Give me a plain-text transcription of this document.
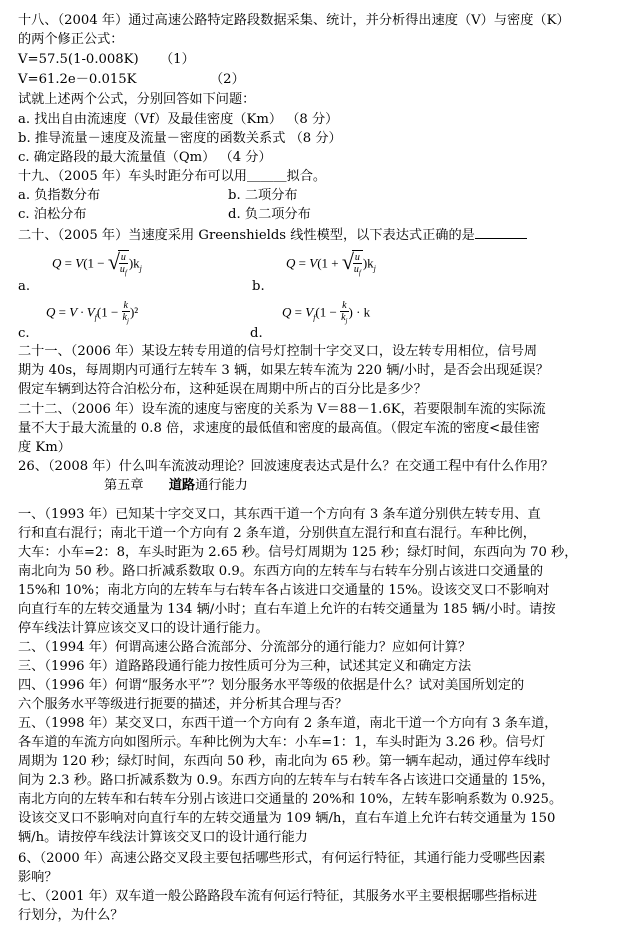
十八、（2004 年）通过高速公路特定路段数据采集、统计，并分析得出速度（V）与密度（K）
的两个修正公式：
V=57.5(1-0.008K) （1）
V=61.2e－0.015K	（2）
试就上述两个公式，分别回答如下问题：
a. 找出自由流速度（Vf）及最佳密度（Km） （8 分）
b. 推导流量－速度及流量－密度的函数关系式 （8 分）
c. 确定路段的最大流量值（Qm） （4 分）
十九、（2005 年）车头时距分布可以用＿＿＿拟合。
a. 负指数分布	b. 二项分布
c. 泊松分布	d. 负二项分布
二十、（2005 年）当速度采用 Greenshields 线性模型，以下表达式正确的是
Q = V(1 − √
$\frac{u}{u_f} )k_j$
a.
Q = V(1 + √
$\frac{u}{u_f} )k_j$
b.
$Q = V \cdot V_f(1 - \frac{k}{k_j} )^2$
c.
$Q = V_f(1 - \frac{k}{k_j}$ ) · k
d.
二十一、（2006 年）某设左转专用道的信号灯控制十字交叉口，设左转专用相位，信号周
期为 40s，每周期内可通行左转车 3 辆，如果左转车流为 220 辆/小时，是否会出现延误？
假定车辆到达符合泊松分布，这种延误在周期中所占的百分比是多少？
二十二、（2006 年）设车流的速度与密度的关系为 V＝88－1.6K，若要限制车流的实际流
量不大于最大流量的 0.8 倍，求速度的最低值和密度的最高值。（假定车流的密度<最佳密
度 Km）
26、（2008 年）什么叫车流波动理论？回波速度表达式是什么？在交通工程中有什么作用？
第五章 道路通行能力
一、（1993 年）已知某十字交叉口，其东西干道一个方向有 3 条车道分别供左转专用、直
行和直右混行；南北干道一个方向有 2 条车道，分别供直左混行和直右混行。车种比例，
大车：小车=2：8，车头时距为 2.65 秒。信号灯周期为 125 秒；绿灯时间，东西向为 70 秒，
南北向为 50 秒。路口折减系数取 0.9。东西方向的左转车与右转车分别占该进口交通量的
15%和 10%；南北方向的左转车与右转车各占该进口交通量的 15%。设该交叉口不影响对
向直行车的左转交通量为 134 辆/小时；直右车道上允许的右转交通量为 185 辆/小时。请按
停车线法计算应该交叉口的设计通行能力。
二、（1994 年）何谓高速公路合流部分、分流部分的通行能力？应如何计算？
三、（1996 年）道路路段通行能力按性质可分为三种，试述其定义和确定方法
四、（1996 年）何谓“服务水平”？划分服务水平等级的依据是什么？试对美国所划定的
六个服务水平等级进行扼要的描述，并分析其合理与否？
五、（1998 年）某交叉口，东西干道一个方向有 2 条车道，南北干道一个方向有 3 条车道，
各车道的车流方向如图所示。车种比例为大车：小车=1：1，车头时距为 3.26 秒。信号灯
周期为 120 秒；绿灯时间，东西向 50 秒，南北向为 65 秒。第一辆车起动，通过停车线时
间为 2.3 秒。路口折减系数为 0.9。东西方向的左转车与右转车各占该进口交通量的 15%，
南北方向的左转车和右转车分别占该进口交通量的 20%和 10%，左转车影响系数为 0.925。
设该交叉口不影响对向直行车的左转交通量为 109 辆/h，直右车道上允许右转交通量为 150
辆/h。请按停车线法计算该交叉口的设计通行能力
6、（2000 年）高速公路交叉段主要包括哪些形式，有何运行特征，其通行能力受哪些因素
影响？
七、（2001 年）双车道一般公路路段车流有何运行特征，其服务水平主要根据哪些指标进
行划分，为什么？
